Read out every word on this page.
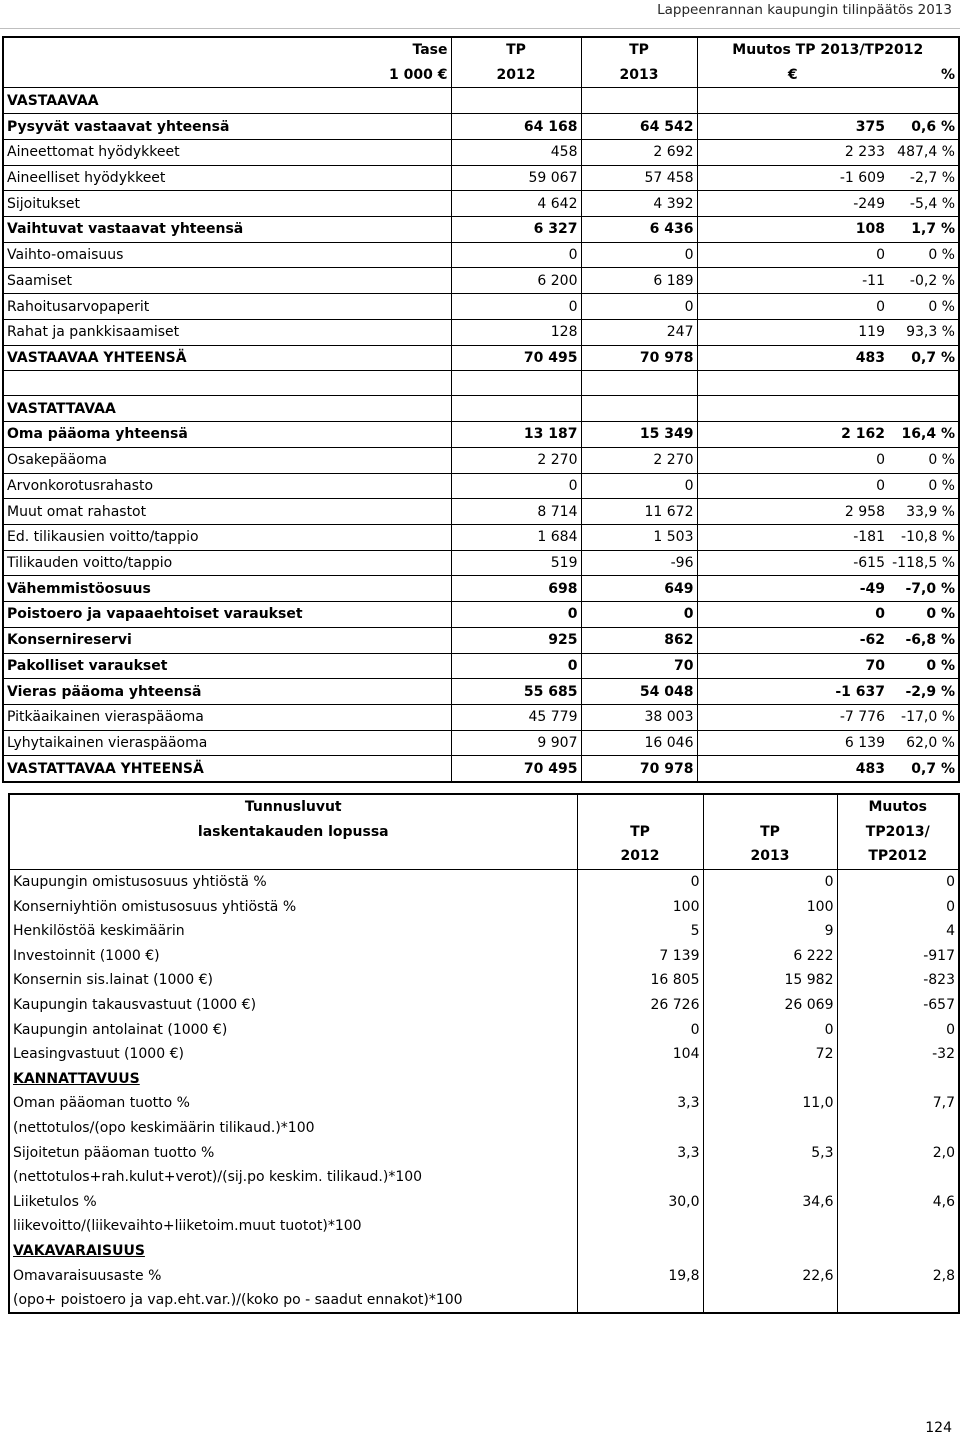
Lappeenrannan kaupungin tilinpäätös 2013
Tase	TP	TP	Muutos TP 2013/TP2012	
1 000 €	2012	2013	€	%
VASTAAVAA				
Pysyvät vastaavat yhteensä	64 168	64 542	375	0,6 %
Aineettomat hyödykkeet	458	2 692	2 233	487,4 %
Aineelliset hyödykkeet	59 067	57 458	-1 609	-2,7 %
Sijoitukset	4 642	4 392	-249	-5,4 %
Vaihtuvat vastaavat yhteensä	6 327	6 436	108	1,7 %
Vaihto-omaisuus	0	0	0	0 %
Saamiset	6 200	6 189	-11	-0,2 %
Rahoitusarvopaperit	0	0	0	0 %
Rahat ja pankkisaamiset	128	247	119	93,3 %
VASTAAVAA YHTEENSÄ	70 495	70 978	483	0,7 %

VASTATTAVAA				
Oma pääoma yhteensä	13 187	15 349	2 162	16,4 %
Osakepääoma	2 270	2 270	0	0 %
Arvonkorotusrahasto	0	0	0	0 %
Muut omat rahastot	8 714	11 672	2 958	33,9 %
Ed. tilikausien voitto/tappio	1 684	1 503	-181	-10,8 %
Tilikauden voitto/tappio	519	-96	-615	-118,5 %
Vähemmistöosuus	698	649	-49	-7,0 %
Poistoero ja vapaaehtoiset varaukset	0	0	0	0 %
Konsernireservi	925	862	-62	-6,8 %
Pakolliset varaukset	0	70	70	0 %
Vieras pääoma yhteensä	55 685	54 048	-1 637	-2,9 %
Pitkäaikainen vieraspääoma	45 779	38 003	-7 776	-17,0 %
Lyhytaikainen vieraspääoma	9 907	16 046	6 139	62,0 %
VASTATTAVAA YHTEENSÄ	70 495	70 978	483	0,7 %
Tunnusluvut			Muutos
laskentakauden lopussa	TP	TP	TP2013/
	2012	2013	TP2012
Kaupungin omistusosuus yhtiöstä %	0	0	0
Konserniyhtiön omistusosuus yhtiöstä %	100	100	0
Henkilöstöä keskimäärin	5	9	4
Investoinnit (1000 €)	7 139	6 222	-917
Konsernin sis.lainat (1000 €)	16 805	15 982	-823
Kaupungin takausvastuut (1000 €)	26 726	26 069	-657
Kaupungin antolainat (1000 €)	0	0	0
Leasingvastuut (1000 €)	104	72	-32
KANNATTAVUUS			
Oman pääoman tuotto %	3,3	11,0	7,7
(nettotulos/(opo keskimäärin tilikaud.)*100			
Sijoitetun pääoman tuotto %	3,3	5,3	2,0
(nettotulos+rah.kulut+verot)/(sij.po keskim. tilikaud.)*100			
Liiketulos %	30,0	34,6	4,6
liikevoitto/(liikevaihto+liiketoim.muut tuotot)*100			
VAKAVARAISUUS			
Omavaraisuusaste %	19,8	22,6	2,8
(opo+ poistoero ja vap.eht.var.)/(koko po - saadut ennakot)*100			
124
